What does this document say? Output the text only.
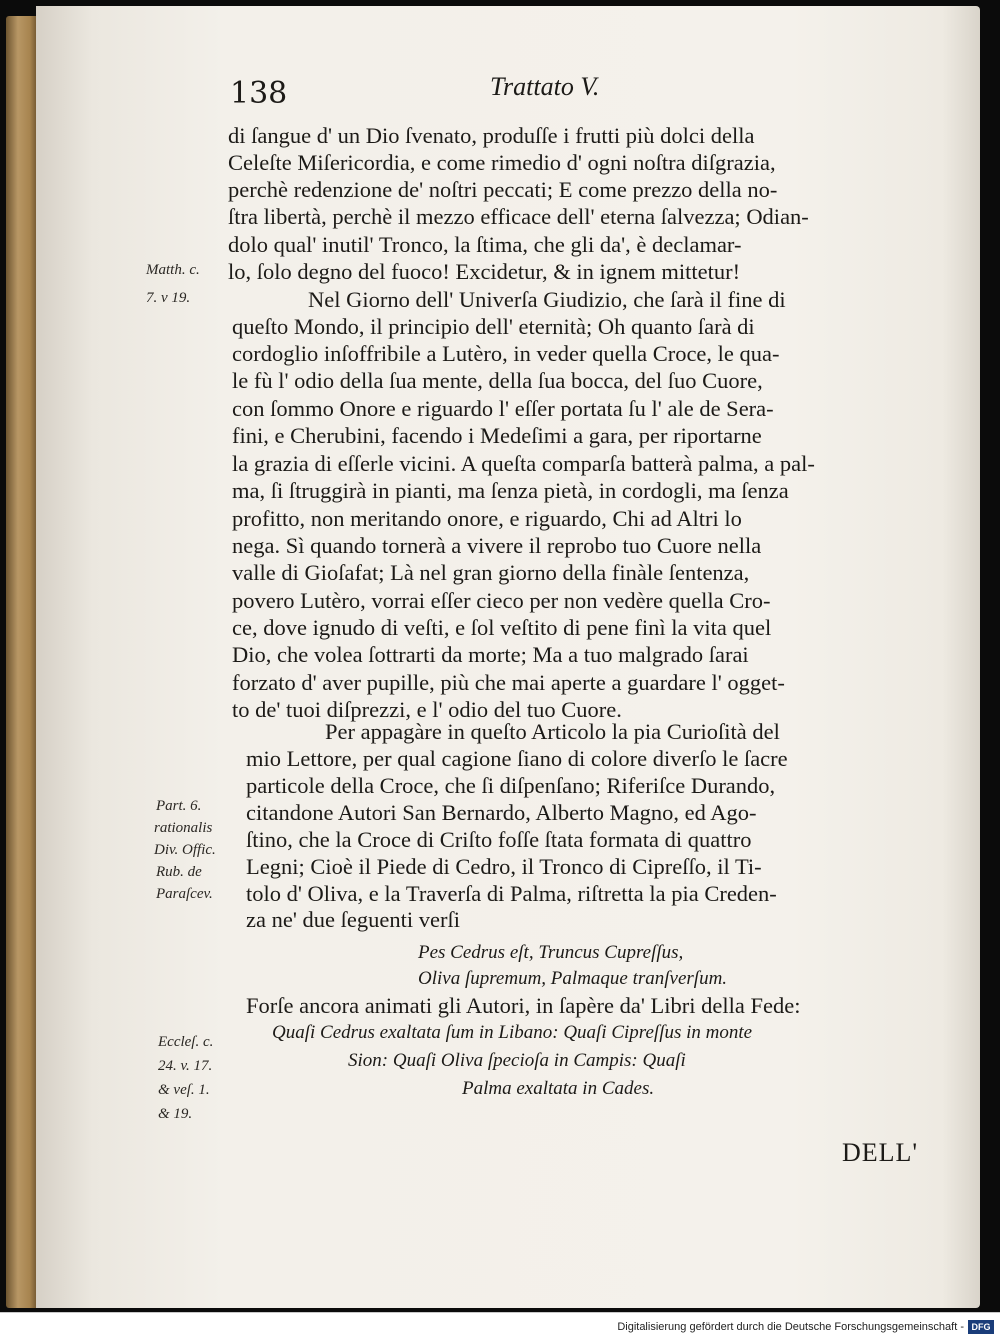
138	Trattato V.
di ſangue d' un Dio ſvenato, produſſe i frutti più dolci della
Celeſte Miſericordia, e come rimedio d' ogni noſtra diſgrazia,
perchè redenzione de' noſtri peccati; E come prezzo della no-
ſtra libertà, perchè il mezzo efficace dell' eterna ſalvezza; Odian-
dolo qual' inutil' Tronco, la ſtima, che gli da', è declamar-
lo, ſolo degno del fuoco! Excidetur, & in ignem mittetur!
Nel Giorno dell' Univerſa Giudizio, che ſarà il fine di
queſto Mondo, il principio dell' eternità; Oh quanto ſarà di
cordoglio inſoffribile a Lutèro, in veder quella Croce, le qua-
le fù l' odio della ſua mente, della ſua bocca, del ſuo Cuore,
con ſommo Onore e riguardo l' eſſer portata ſu l' ale de Sera-
fini, e Cherubini, facendo i Medeſimi a gara, per riportarne
la grazia di eſſerle vicini. A queſta comparſa batterà palma, a pal-
ma, ſi ſtruggirà in pianti, ma ſenza pietà, in cordogli, ma ſenza
profitto, non meritando onore, e riguardo, Chi ad Altri lo
nega. Sì quando tornerà a vivere il reprobo tuo Cuore nella
valle di Gioſafat; Là nel gran giorno della finàle ſentenza,
povero Lutèro, vorrai eſſer cieco per non vedère quella Cro-
ce, dove ignudo di veſti, e ſol veſtito di pene finì la vita quel
Dio, che volea ſottrarti da morte; Ma a tuo malgrado ſarai
forzato d' aver pupille, più che mai aperte a guardare l' ogget-
to de' tuoi diſprezzi, e l' odio del tuo Cuore.
Per appagàre in queſto Articolo la pia Curioſità del
mio Lettore, per qual cagione ſiano di colore diverſo le ſacre
particole della Croce, che ſi diſpenſano; Riferiſce Durando,
citandone Autori San Bernardo, Alberto Magno, ed Ago-
ſtino, che la Croce di Criſto foſſe ſtata formata di quattro
Legni; Cioè il Piede di Cedro, il Tronco di Cipreſſo, il Ti-
tolo d' Oliva, e la Traverſa di Palma, riſtretta la pia Creden-
za ne' due ſeguenti verſi
Pes Cedrus eſt, Truncus Cupreſſus,
Oliva ſupremum, Palmaque tranſverſum.
Forſe ancora animati gli Autori, in ſapère da' Libri della Fede:
Quaſi Cedrus exaltata ſum in Libano: Quaſi Cipreſſus in monte
Sion: Quaſi Oliva ſpecioſa in Campis: Quaſi
Palma exaltata in Cades.
Matth. c.
7. v 19.
Part. 6.
rationalis
Div. Offic.
Rub. de
Paraſcev.
Eccleſ. c.
24. v. 17.
& veſ. 1.
& 19.
DELL'
Digitalisierung gefördert durch die Deutsche Forschungsgemeinschaft - DFG
